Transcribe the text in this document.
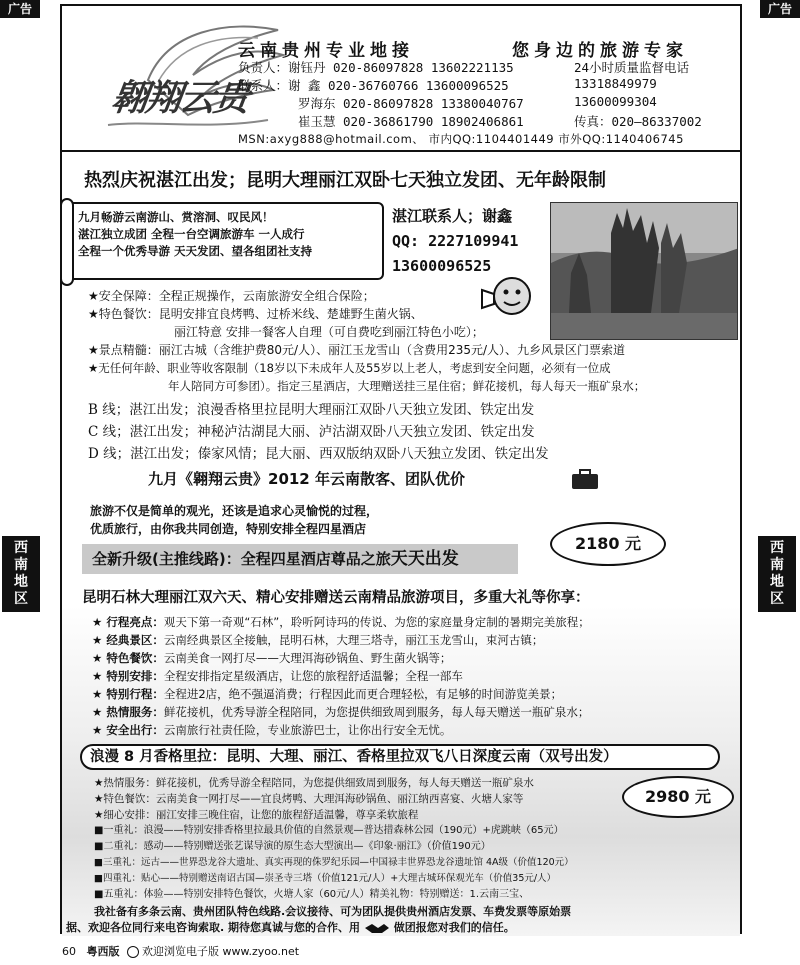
广告	广告
西南地区
西南地区
翱翔云贵
云南贵州专业地接	您身边的旅游专家
负责人：谢钰丹 020-86097828 13602221135	24小时质量监督电话
联系人：谢 鑫 020-36760766 13600096525	13318849979
罗海东 020-86097828 13380040767	13600099304
崔玉慧 020-36861790 18902406861	传真：020—86337002
MSN:axyg888@hotmail.com、 市内QQ:1104401449 市外QQ:1140406745
热烈庆祝湛江出发；昆明大理丽江双卧七天独立发团、无年龄限制
九月畅游云南游山、赏溶洞、叹民风！
湛江独立成团 全程一台空调旅游车 一人成行
全程一个优秀导游 天天发团、望各组团社支持
湛江联系人；谢鑫
QQ: 2227109941
13600096525
★安全保障：全程正规操作，云南旅游安全组合保险；
★特色餐饮：昆明安排宜良烤鸭、过桥米线、楚雄野生菌火锅、
丽江特意 安排一餐客人自理（可自费吃到丽江特色小吃）；
★景点精髓：丽江古城（含维护费80元/人）、丽江玉龙雪山（含费用235元/人）、九乡风景区门票索道
★无任何年龄、职业等收客限制（18岁以下未成年人及55岁以上老人，考虑到安全问题，必须有一位成
年人陪同方可参团）。指定三星酒店，大理赠送挂三星住宿；鲜花接机，每人每天一瓶矿泉水；
B 线；湛江出发；浪漫香格里拉昆明大理丽江双卧八天独立发团、铁定出发
C 线；湛江出发；神秘泸沽湖昆大丽、泸沽湖双卧八天独立发团、铁定出发
D 线；湛江出发；傣家风情；昆大丽、西双版纳双卧八天独立发团、铁定出发
九月《翱翔云贵》2012 年云南散客、团队优价
旅游不仅是简单的观光，还该是追求心灵愉悦的过程，
优质旅行，由你我共同创造，特别安排全程四星酒店
全新升级(主推线路)：全程四星酒店尊品之旅天天出发
2180 元
昆明石林大理丽江双六天、精心安排赠送云南精品旅游项目，多重大礼等你享：
★ 行程亮点：观天下第一奇观“石林”，聆听阿诗玛的传说、为您的家庭量身定制的暑期完美旅程；
★ 经典景区：云南经典景区全接触，昆明石林，大理三塔寺，丽江玉龙雪山，束河古镇；
★ 特色餐饮：云南美食一网打尽——大理洱海砂锅鱼、野生菌火锅等；
★ 特别安排：全程安排指定星级酒店，让您的旅程舒适温馨；全程一部车
★ 特别行程：全程进2店，绝不强逼消费；行程因此而更合理轻松，有足够的时间游览美景；
★ 热情服务：鲜花接机，优秀导游全程陪同，为您提供细致周到服务，每人每天赠送一瓶矿泉水；
★ 安全出行：云南旅行社责任险，专业旅游巴士，让你出行安全无忧。
浪漫 8 月香格里拉：昆明、大理、丽江、香格里拉双飞八日深度云南（双号出发）
2980 元
★热情服务：鲜花接机，优秀导游全程陪同，为您提供细致周到服务，每人每天赠送一瓶矿泉水
★特色餐饮：云南美食一网打尽——宜良烤鸭、大理洱海砂锅鱼、丽江纳西喜宴、火塘人家等
★细心安排：丽江安排三晚住宿，让您的旅程舒适温馨，尊享柔软旅程
■一重礼：浪漫——特别安排香格里拉最具价值的自然景观—普达措森林公园（190元）+虎跳峡（65元）
■二重礼：感动——特别赠送张艺谋导演的原生态大型演出—《印象·丽江》（价值190元）
■三重礼：远古——世界恐龙谷大遗址、真实再现的侏罗纪乐园—中国禄丰世界恐龙谷遗址馆 4A级（价值120元）
■四重礼：贴心——特别赠送南诏古国—崇圣寺三塔（价值121元/人）+大理古城环保观光车（价值35元/人）
■五重礼：体验——特别安排特色餐饮，火塘人家（60元/人）精美礼物：特别赠送：1.云南三宝、
我社备有多条云南、贵州团队特色线路.会议接待、可为团队提供贵州酒店发票、车费发票等原始票
据、欢迎各位同行来电咨询索取. 期待您真诚与您的合作、用	做团报您对我们的信任。
60 粤西版 欢迎浏览电子版 www.zyoo.net
